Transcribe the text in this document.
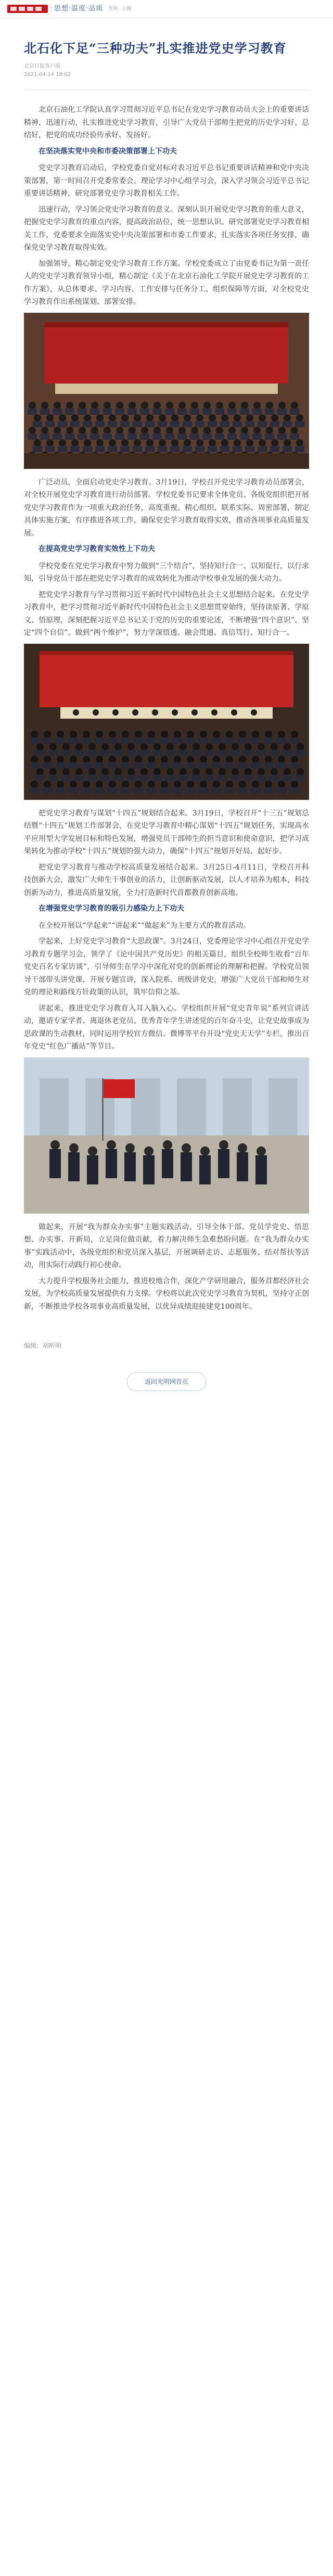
思想·温度·品质 光明 · 云媒
北石化下足“三种功夫”扎实推进党史学习教育
北京日报客户端
2021-04-14 18:02
北京石油化工学院认真学习贯彻习近平总书记在党史学习教育动员大会上的重要讲话精神，迅速行动，扎实推进党史学习教育，引导广大党员干部师生把党的历史学习好、总结好，把党的成功经验传承好、发扬好。
在坚决落实党中央和市委决策部署上下功夫
党史学习教育启动后，学校党委自觉对标对表习近平总书记重要讲话精神和党中央决策部署，第一时间召开党委常委会、理论学习中心组学习会，深入学习领会习近平总书记重要讲话精神，研究部署党史学习教育相关工作。
迅速行动，学习领会党史学习教育的意义。深刻认识开展党史学习教育的重大意义，把握党史学习教育的重点内容，提高政治站位，统一思想认识。研究部署党史学习教育相关工作，党委要求全面落实党中央决策部署和市委工作要求，扎实落实各项任务安排，确保党史学习教育取得实效。
加强领导，精心制定党史学习教育工作方案。学校党委成立了由党委书记为第一责任人的党史学习教育领导小组，精心制定《关于在北京石油化工学院开展党史学习教育的工作方案》，从总体要求、学习内容、工作安排与任务分工、组织保障等方面，对全校党史学习教育作出系统谋划、部署安排。
广泛动员，全面启动党史学习教育。3月19日，学校召开党史学习教育动员部署会，对全校开展党史学习教育进行动员部署。学校党委书记要求全体党员、各级党组织把开展党史学习教育作为一项重大政治任务，高度重视、精心组织、联系实际、周密部署，制定具体实施方案，有序推进各项工作，确保党史学习教育取得实效，推动各项事业高质量发展。
在提高党史学习教育实效性上下功夫
学校党委在党史学习教育中努力做到“三个结合”，坚持知行合一、以知促行，以行求知，引导党员干部在把党史学习教育的成效转化为推动学校事业发展的强大动力。
把党史学习教育与学习贯彻习近平新时代中国特色社会主义思想结合起来。在党史学习教育中，把学习贯彻习近平新时代中国特色社会主义思想贯穿始终，坚持读原著、学原文、悟原理，深刻把握习近平总书记关于党的历史的重要论述，不断增强“四个意识”、坚定“四个自信”、做到“两个维护”，努力学深悟透、融会贯通、真信笃行、知行合一。
把党史学习教育与谋划“十四五”规划结合起来。3月19日，学校召开“十三五”规划总结暨“十四五”规划工作部署会，在党史学习教育中精心谋划“十四五”规划任务，实现高水平应用型大学发展目标和特色发展，增强党员干部师生的担当意识和使命意识，把学习成果转化为推动学校“十四五”规划的强大动力，确保“十四五”规划开好局、起好步。
把党史学习教育与推动学校高质量发展结合起来。3月25日-4月11日，学校召开科技创新大会，激发广大师生干事创业的活力，让创新驱动发展，以人才培养为根本，科技创新为动力，推进高质量发展，全力打造新时代首都教育创新高地。
在增强党史学习教育的吸引力感染力上下功夫
在全校开展以“学起来”“讲起来”“做起来”为主要方式的教育活动。
学起来，上好党史学习教育“大思政课”。3月24日，党委理论学习中心组召开党史学习教育专题学习会，领学了《论中国共产党历史》的相关篇目，组织全校师生收看“百年党史百名专家访谈”，引导师生在学习中深化对党的创新理论的理解和把握。学校党员领导干部带头讲党课、开展专题宣讲，深入院系、班级讲党史，增强广大党员干部和师生对党的理论和路线方针政策的认识，筑牢信仰之基。
讲起来，推进党史学习教育入耳入脑入心。学校组织开展“党史青年说”系列宣讲活动，邀请专家学者、离退休老党员、优秀青年学生讲述党的百年奋斗史，让党史故事成为思政课的生动教材，同时运用学校官方微信、微博等平台开设“党史天天学”专栏，推出百年党史“红色广播站”等节目。
做起来，开展“我为群众办实事”主题实践活动。引导全体干部、党员学党史、悟思想、办实事、开新局，立足岗位做贡献，着力解决师生急难愁盼问题。在“我为群众办实事”实践活动中，各级党组织和党员深入基层，开展调研走访、志愿服务、结对帮扶等活动，用实际行动践行初心使命。
大力提升学校服务社会能力，推进校地合作，深化产学研用融合，服务首都经济社会发展，为学校高质量发展提供有力支撑。学校将以此次党史学习教育为契机，坚持守正创新，不断推进学校各项事业高质量发展，以优异成绩迎接建党100周年。
编辑：胡昕明
返回光明网首页
